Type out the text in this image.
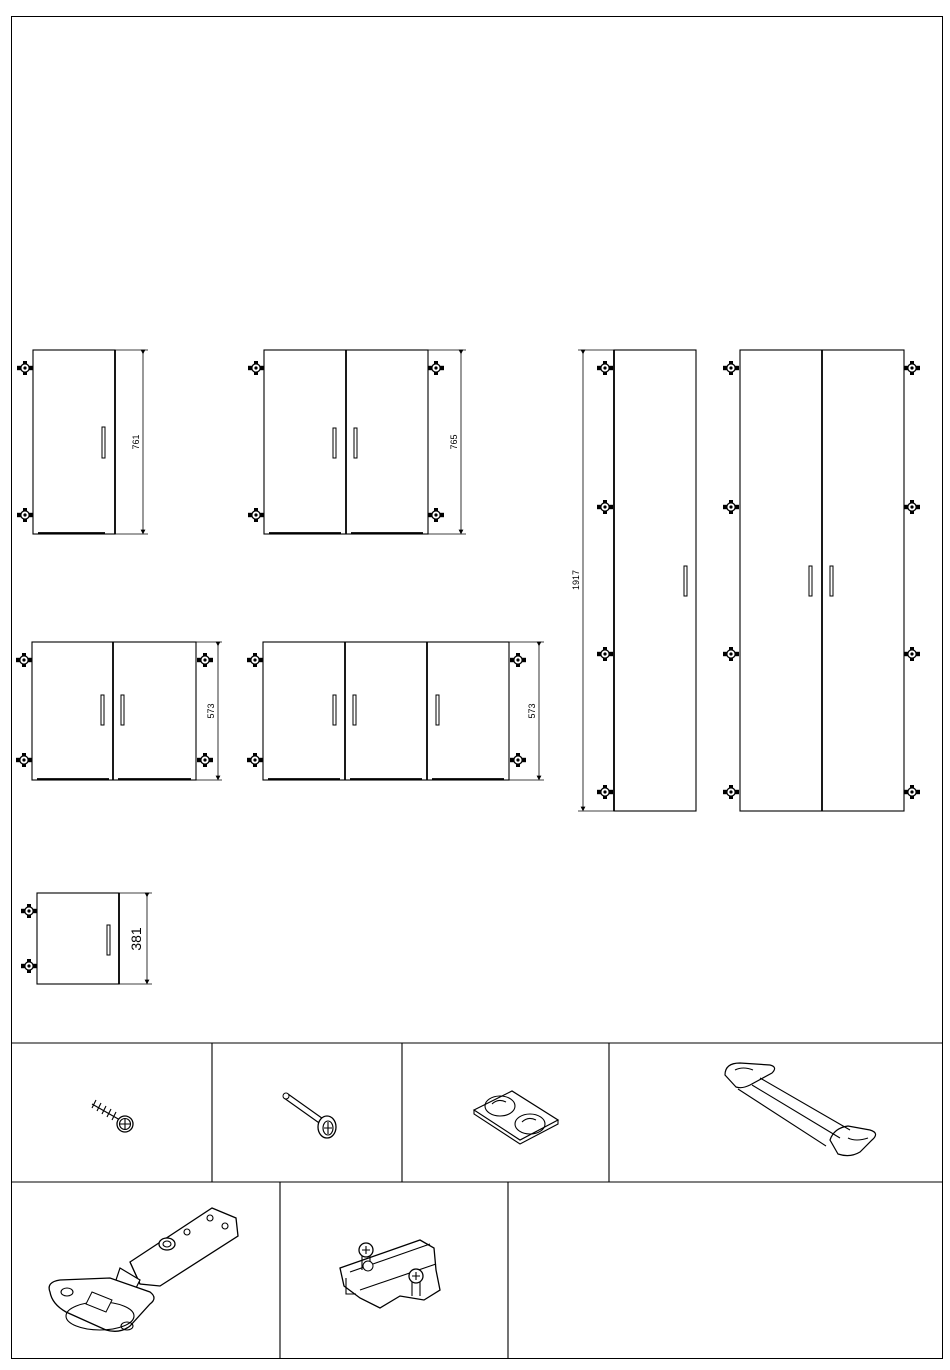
761	765
573	573
1917
381
